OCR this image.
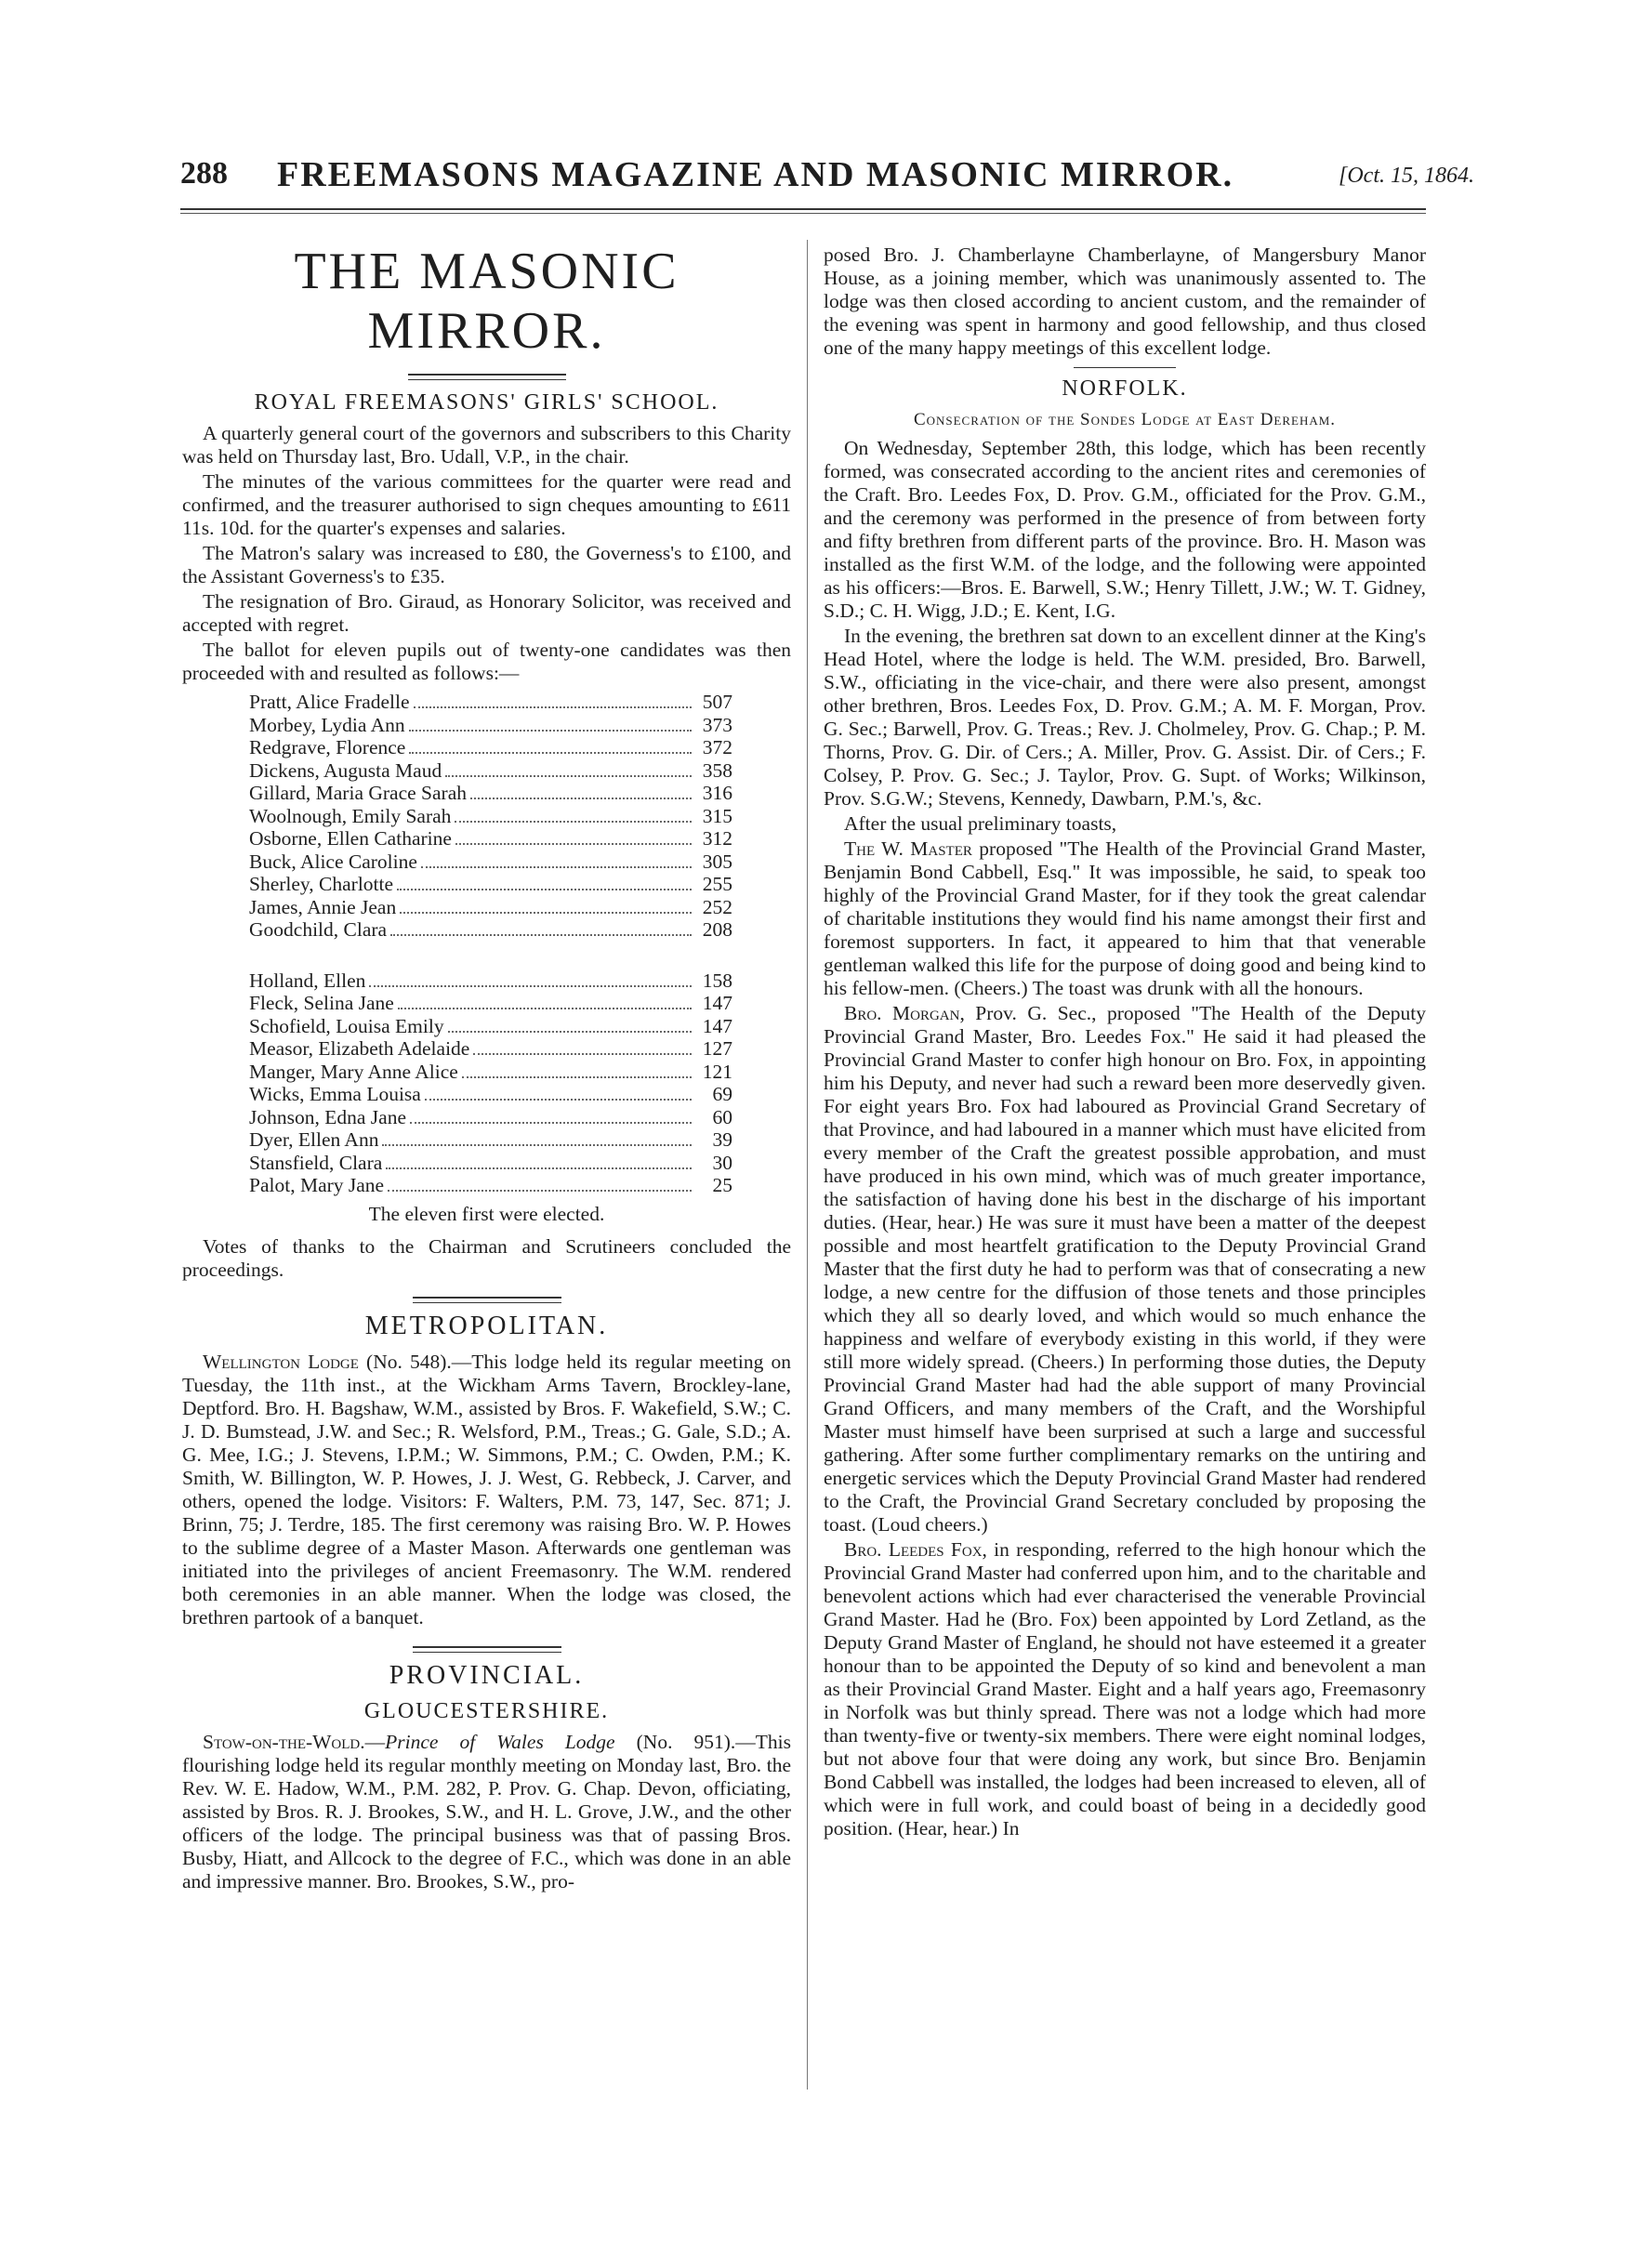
288 FREEMASONS MAGAZINE AND MASONIC MIRROR.	[Oct. 15, 1864.
THE MASONIC MIRROR.
ROYAL FREEMASONS' GIRLS' SCHOOL.

A quarterly general court of the governors and subscribers to this Charity was held on Thursday last, Bro. Udall, V.P., in the chair.

The minutes of the various committees for the quarter were read and confirmed, and the treasurer authorised to sign cheques amounting to £611 11s. 10d. for the quarter's expenses and salaries.

The Matron's salary was increased to £80, the Governess's to £100, and the Assistant Governess's to £35.

The resignation of Bro. Giraud, as Honorary Solicitor, was received and accepted with regret.

The ballot for eleven pupils out of twenty-one candidates was then proceeded with and resulted as follows:—

Pratt, Alice Fradelle	507
Morbey, Lydia Ann	373
Redgrave, Florence	372
Dickens, Augusta Maud	358
Gillard, Maria Grace Sarah	316
Woolnough, Emily Sarah	315
Osborne, Ellen Catharine	312
Buck, Alice Caroline	305
Sherley, Charlotte	255
James, Annie Jean	252
Goodchild, Clara	208
Holland, Ellen	158
Fleck, Selina Jane	147
Schofield, Louisa Emily	147
Measor, Elizabeth Adelaide	127
Manger, Mary Anne Alice	121
Wicks, Emma Louisa	69
Johnson, Edna Jane	60
Dyer, Ellen Ann	39
Stansfield, Clara	30
Palot, Mary Jane	25

The eleven first were elected.

Votes of thanks to the Chairman and Scrutineers concluded the proceedings.

METROPOLITAN.

Wellington Lodge (No. 548).—This lodge held its regular meeting on Tuesday, the 11th inst., at the Wickham Arms Tavern, Brockley-lane, Deptford. Bro. H. Bagshaw, W.M., assisted by Bros. F. Wakefield, S.W.; C. J. D. Bumstead, J.W. and Sec.; R. Welsford, P.M., Treas.; G. Gale, S.D.; A. G. Mee, I.G.; J. Stevens, I.P.M.; W. Simmons, P.M.; C. Owden, P.M.; K. Smith, W. Billington, W. P. Howes, J. J. West, G. Rebbeck, J. Carver, and others, opened the lodge. Visitors: F. Walters, P.M. 73, 147, Sec. 871; J. Brinn, 75; J. Terdre, 185. The first ceremony was raising Bro. W. P. Howes to the sublime degree of a Master Mason. Afterwards one gentleman was initiated into the privileges of ancient Freemasonry. The W.M. rendered both ceremonies in an able manner. When the lodge was closed, the brethren partook of a banquet.

PROVINCIAL.
GLOUCESTERSHIRE.

Stow-on-the-Wold.—Prince of Wales Lodge (No. 951).—This flourishing lodge held its regular monthly meeting on Monday last, Bro. the Rev. W. E. Hadow, W.M., P.M. 282, P. Prov. G. Chap. Devon, officiating, assisted by Bros. R. J. Brookes, S.W., and H. L. Grove, J.W., and the other officers of the lodge. The principal business was that of passing Bros. Busby, Hiatt, and Allcock to the degree of F.C., which was done in an able and impressive manner. Bro. Brookes, S.W., pro-

posed Bro. J. Chamberlayne Chamberlayne, of Mangersbury Manor House, as a joining member, which was unanimously assented to. The lodge was then closed according to ancient custom, and the remainder of the evening was spent in harmony and good fellowship, and thus closed one of the many happy meetings of this excellent lodge.

NORFOLK.
Consecration of the Sondes Lodge at East Dereham.

On Wednesday, September 28th, this lodge, which has been recently formed, was consecrated according to the ancient rites and ceremonies of the Craft. Bro. Leedes Fox, D. Prov. G.M., officiated for the Prov. G.M., and the ceremony was performed in the presence of from between forty and fifty brethren from different parts of the province. Bro. H. Mason was installed as the first W.M. of the lodge, and the following were appointed as his officers:—Bros. E. Barwell, S.W.; Henry Tillett, J.W.; W. T. Gidney, S.D.; C. H. Wigg, J.D.; E. Kent, I.G.

In the evening, the brethren sat down to an excellent dinner at the King's Head Hotel, where the lodge is held. The W.M. presided, Bro. Barwell, S.W., officiating in the vice-chair, and there were also present, amongst other brethren, Bros. Leedes Fox, D. Prov. G.M.; A. M. F. Morgan, Prov. G. Sec.; Barwell, Prov. G. Treas.; Rev. J. Cholmeley, Prov. G. Chap.; P. M. Thorns, Prov. G. Dir. of Cers.; A. Miller, Prov. G. Assist. Dir. of Cers.; F. Colsey, P. Prov. G. Sec.; J. Taylor, Prov. G. Supt. of Works; Wilkinson, Prov. S.G.W.; Stevens, Kennedy, Dawbarn, P.M.'s, &c.

After the usual preliminary toasts,

The W. Master proposed "The Health of the Provincial Grand Master, Benjamin Bond Cabbell, Esq." It was impossible, he said, to speak too highly of the Provincial Grand Master, for if they took the great calendar of charitable institutions they would find his name amongst their first and foremost supporters. In fact, it appeared to him that that venerable gentleman walked this life for the purpose of doing good and being kind to his fellow-men. (Cheers.) The toast was drunk with all the honours.

Bro. Morgan, Prov. G. Sec., proposed "The Health of the Deputy Provincial Grand Master, Bro. Leedes Fox." He said it had pleased the Provincial Grand Master to confer high honour on Bro. Fox, in appointing him his Deputy, and never had such a reward been more deservedly given. For eight years Bro. Fox had laboured as Provincial Grand Secretary of that Province, and had laboured in a manner which must have elicited from every member of the Craft the greatest possible approbation, and must have produced in his own mind, which was of much greater importance, the satisfaction of having done his best in the discharge of his important duties. (Hear, hear.) He was sure it must have been a matter of the deepest possible and most heartfelt gratification to the Deputy Provincial Grand Master that the first duty he had to perform was that of consecrating a new lodge, a new centre for the diffusion of those tenets and those principles which they all so dearly loved, and which would so much enhance the happiness and welfare of everybody existing in this world, if they were still more widely spread. (Cheers.) In performing those duties, the Deputy Provincial Grand Master had had the able support of many Provincial Grand Officers, and many members of the Craft, and the Worshipful Master must himself have been surprised at such a large and successful gathering. After some further complimentary remarks on the untiring and energetic services which the Deputy Provincial Grand Master had rendered to the Craft, the Provincial Grand Secretary concluded by proposing the toast. (Loud cheers.)

Bro. Leedes Fox, in responding, referred to the high honour which the Provincial Grand Master had conferred upon him, and to the charitable and benevolent actions which had ever characterised the venerable Provincial Grand Master. Had he (Bro. Fox) been appointed by Lord Zetland, as the Deputy Grand Master of England, he should not have esteemed it a greater honour than to be appointed the Deputy of so kind and benevolent a man as their Provincial Grand Master. Eight and a half years ago, Freemasonry in Norfolk was but thinly spread. There was not a lodge which had more than twenty-five or twenty-six members. There were eight nominal lodges, but not above four that were doing any work, but since Bro. Benjamin Bond Cabbell was installed, the lodges had been increased to eleven, all of which were in full work, and could boast of being in a decidedly good position. (Hear, hear.) In
